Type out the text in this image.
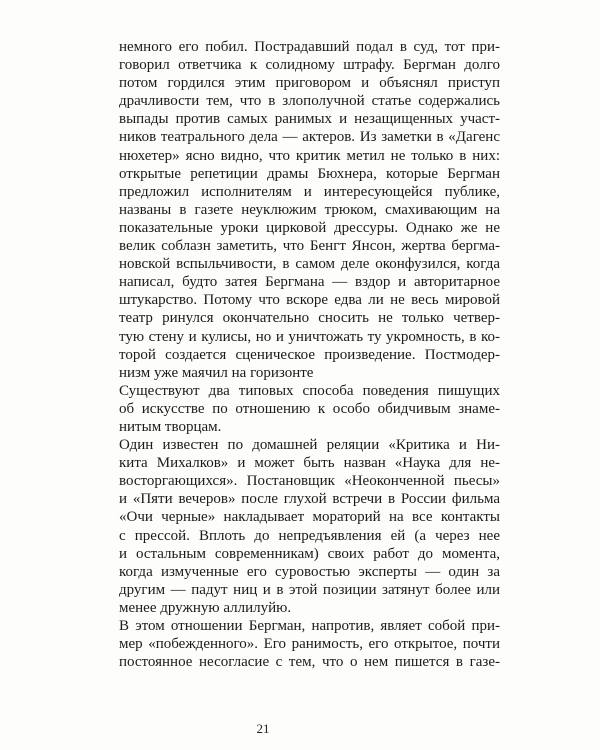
немного его побил. Пострадавший подал в суд, тот при-
говорил ответчика к солидному штрафу. Бергман долго
потом гордился этим приговором и объяснял приступ
драчливости тем, что в злополучной статье содержались
выпады против самых ранимых и незащищенных участ-
ников театрального дела — актеров. Из заметки в «Дагенс
нюхетер» ясно видно, что критик метил не только в них:
открытые репетиции драмы Бюхнера, которые Бергман
предложил исполнителям и интересующейся публике,
названы в газете неуклюжим трюком, смахивающим на
показательные уроки цирковой дрессуры. Однако же не
велик соблазн заметить, что Бенгт Янсон, жертва бергма-
новской вспыльчивости, в самом деле оконфузился, когда
написал, будто затея Бергмана — вздор и авторитарное
штукарство. Потому что вскоре едва ли не весь мировой
театр ринулся окончательно сносить не только четвер-
тую стену и кулисы, но и уничтожать ту укромность, в ко-
торой создается сценическое произведение. Постмодер-
низм уже маячил на горизонте
Существуют два типовых способа поведения пишущих
об искусстве по отношению к особо обидчивым знаме-
нитым творцам.
Один известен по домашней реляции «Критика и Ни-
кита Михалков» и может быть назван «Наука для не-
восторгающихся». Постановщик «Неоконченной пьесы»
и «Пяти вечеров» после глухой встречи в России фильма
«Очи черные» накладывает мораторий на все контакты
с прессой. Вплоть до непредъявления ей (а через нее
и остальным современникам) своих работ до момента,
когда измученные его суровостью эксперты — один за
другим — падут ниц и в этой позиции затянут более или
менее дружную аллилуйю.
В этом отношении Бергман, напротив, являет собой при-
мер «побежденного». Его ранимость, его открытое, почти
постоянное несогласие с тем, что о нем пишется в газе-
21
